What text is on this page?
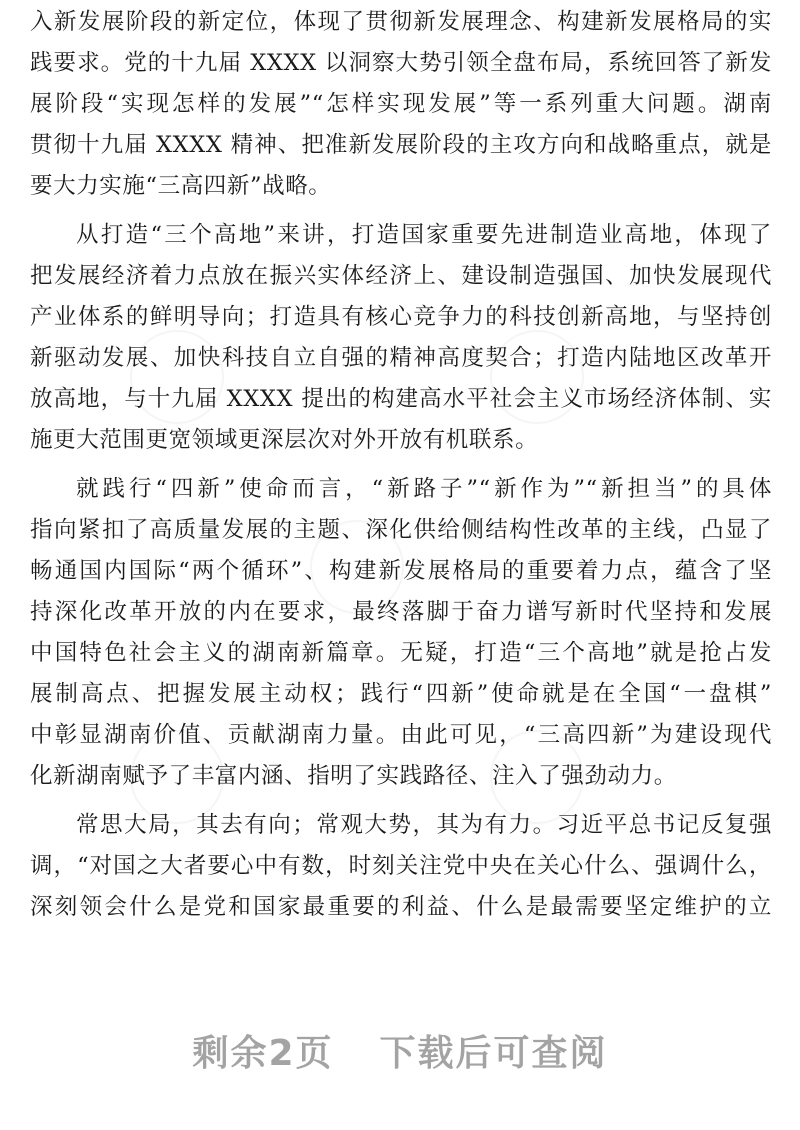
入新发展阶段的新定位，体现了贯彻新发展理念、构建新发展格局的实
践要求。党的十九届 XXXX 以洞察大势引领全盘布局，系统回答了新发
展阶段“实现怎样的发展”“怎样实现发展”等一系列重大问题。湖南
贯彻十九届 XXXX 精神、把准新发展阶段的主攻方向和战略重点，就是
要大力实施“三高四新”战略。
从打造“三个高地”来讲，打造国家重要先进制造业高地，体现了
把发展经济着力点放在振兴实体经济上、建设制造强国、加快发展现代
产业体系的鲜明导向；打造具有核心竞争力的科技创新高地，与坚持创
新驱动发展、加快科技自立自强的精神高度契合；打造内陆地区改革开
放高地，与十九届 XXXX 提出的构建高水平社会主义市场经济体制、实
施更大范围更宽领域更深层次对外开放有机联系。
就践行“四新”使命而言，“新路子”“新作为”“新担当”的具体
指向紧扣了高质量发展的主题、深化供给侧结构性改革的主线，凸显了
畅通国内国际“两个循环”、构建新发展格局的重要着力点，蕴含了坚
持深化改革开放的内在要求，最终落脚于奋力谱写新时代坚持和发展
中国特色社会主义的湖南新篇章。无疑，打造“三个高地”就是抢占发
展制高点、把握发展主动权；践行“四新”使命就是在全国“一盘棋”
中彰显湖南价值、贡献湖南力量。由此可见，“三高四新”为建设现代
化新湖南赋予了丰富内涵、指明了实践路径、注入了强劲动力。
常思大局，其去有向；常观大势，其为有力。习近平总书记反复强
调，“对国之大者要心中有数，时刻关注党中央在关心什么、强调什么，
深刻领会什么是党和国家最重要的利益、什么是最需要坚定维护的立
剩余2页 下载后可查阅
